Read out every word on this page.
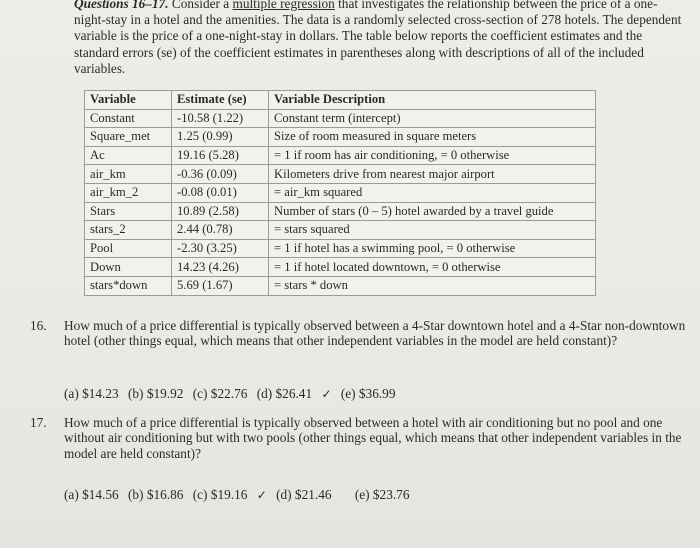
Questions 16–17. Consider a multiple regression that investigates the relationship between the price of a one-night-stay in a hotel and the amenities. The data is a randomly selected cross-section of 278 hotels. The dependent variable is the price of a one-night-stay in dollars. The table below reports the coefficient estimates and the standard errors (se) of the coefficient estimates in parentheses along with descriptions of all of the included variables.
Variable	Estimate (se)	Variable Description
Constant	-10.58 (1.22)	Constant term (intercept)
Square_met	1.25 (0.99)	Size of room measured in square meters
Ac	19.16 (5.28)	= 1 if room has air conditioning, = 0 otherwise
air_km	-0.36 (0.09)	Kilometers drive from nearest major airport
air_km_2	-0.08 (0.01)	= air_km squared
Stars	10.89 (2.58)	Number of stars (0 – 5) hotel awarded by a travel guide
stars_2	2.44 (0.78)	= stars squared
Pool	-2.30 (3.25)	= 1 if hotel has a swimming pool, = 0 otherwise
Down	14.23 (4.26)	= 1 if hotel located downtown, = 0 otherwise
stars*down	5.69 (1.67)	= stars * down
16. How much of a price differential is typically observed between a 4-Star downtown hotel and a 4-Star non-downtown hotel (other things equal, which means that other independent variables in the model are held constant)?
(a) $14.23 (b) $19.92 (c) $22.76 (d) $26.41 ✓ (e) $36.99
17. How much of a price differential is typically observed between a hotel with air conditioning but no pool and one without air conditioning but with two pools (other things equal, which means that other independent variables in the model are held constant)?
(a) $14.56 (b) $16.86 (c) $19.16 ✓ (d) $21.46 (e) $23.76
